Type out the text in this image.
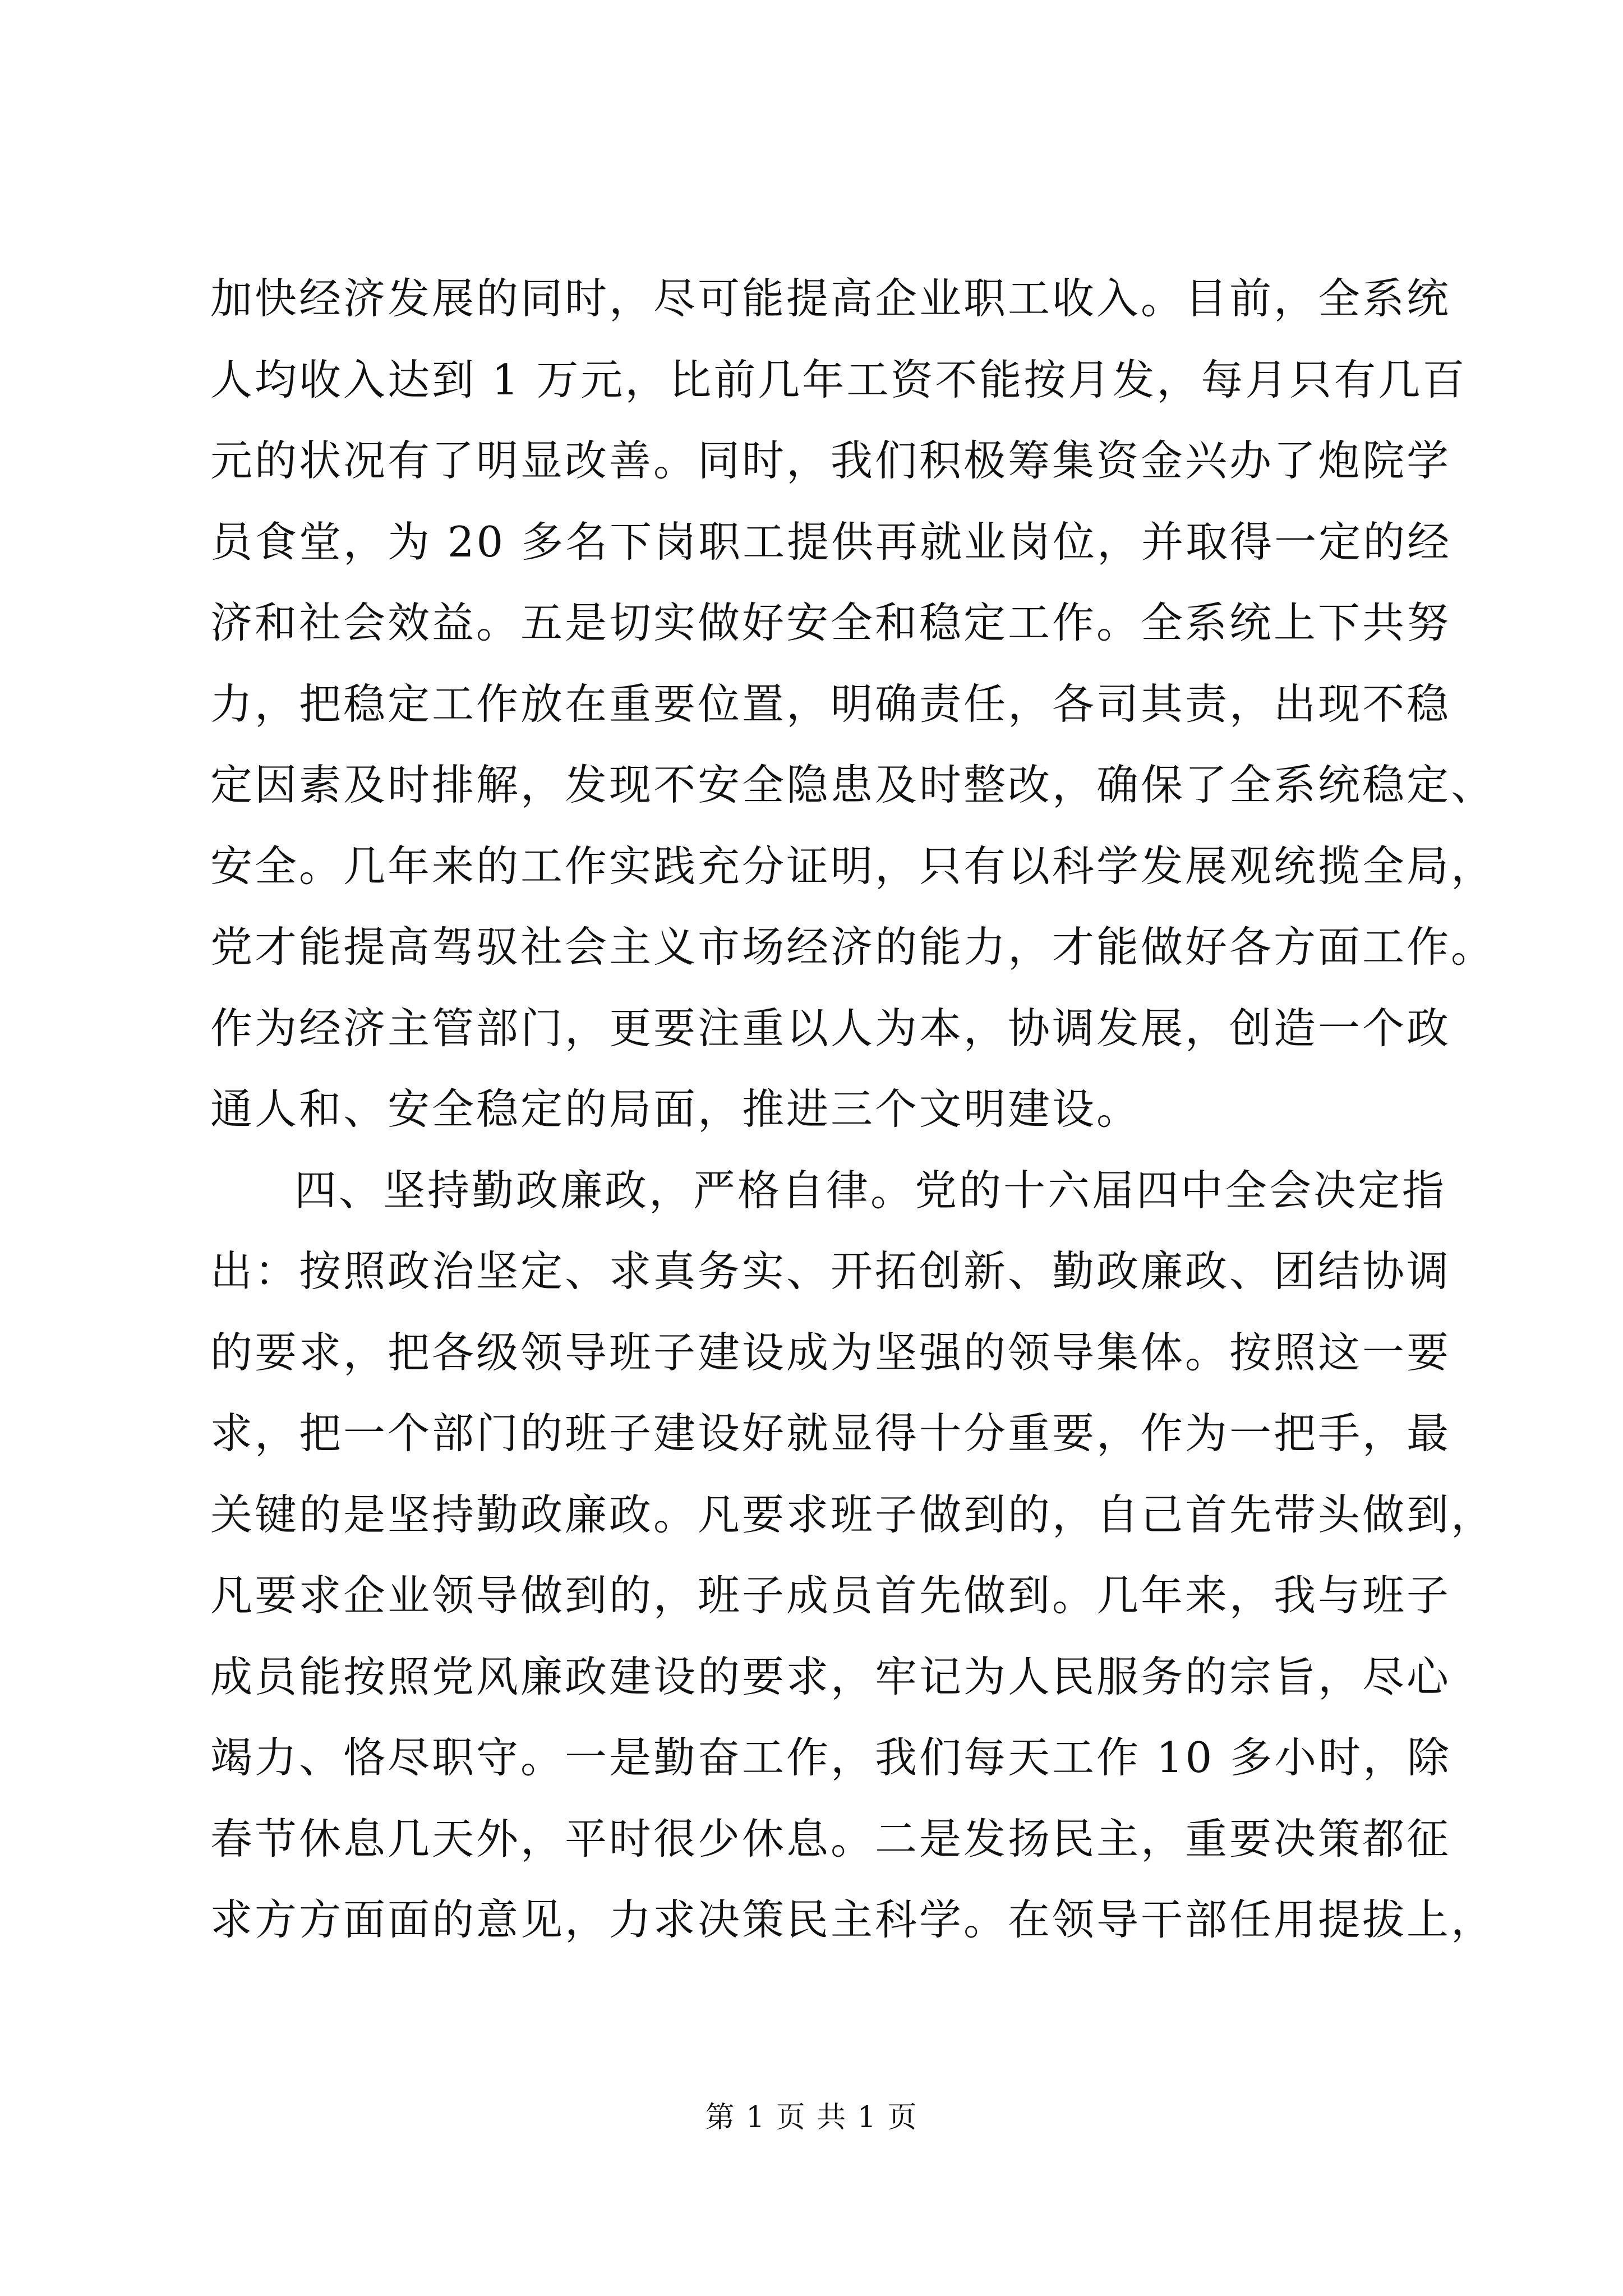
加快经济发展的同时，尽可能提高企业职工收入。目前，全系统
人均收入达到 1 万元，比前几年工资不能按月发，每月只有几百
元的状况有了明显改善。同时，我们积极筹集资金兴办了炮院学
员食堂，为 20 多名下岗职工提供再就业岗位，并取得一定的经
济和社会效益。五是切实做好安全和稳定工作。全系统上下共努
力，把稳定工作放在重要位置，明确责任，各司其责，出现不稳
定因素及时排解，发现不安全隐患及时整改，确保了全系统稳定、
安全。几年来的工作实践充分证明，只有以科学发展观统揽全局，
党才能提高驾驭社会主义市场经济的能力，才能做好各方面工作。
作为经济主管部门，更要注重以人为本，协调发展，创造一个政
通人和、安全稳定的局面，推进三个文明建设。
四、坚持勤政廉政，严格自律。党的十六届四中全会决定指
出：按照政治坚定、求真务实、开拓创新、勤政廉政、团结协调
的要求，把各级领导班子建设成为坚强的领导集体。按照这一要
求，把一个部门的班子建设好就显得十分重要，作为一把手，最
关键的是坚持勤政廉政。凡要求班子做到的，自己首先带头做到，
凡要求企业领导做到的，班子成员首先做到。几年来，我与班子
成员能按照党风廉政建设的要求，牢记为人民服务的宗旨，尽心
竭力、恪尽职守。一是勤奋工作，我们每天工作 10 多小时，除
春节休息几天外，平时很少休息。二是发扬民主，重要决策都征
求方方面面的意见，力求决策民主科学。在领导干部任用提拔上，
第 1 页 共 1 页
